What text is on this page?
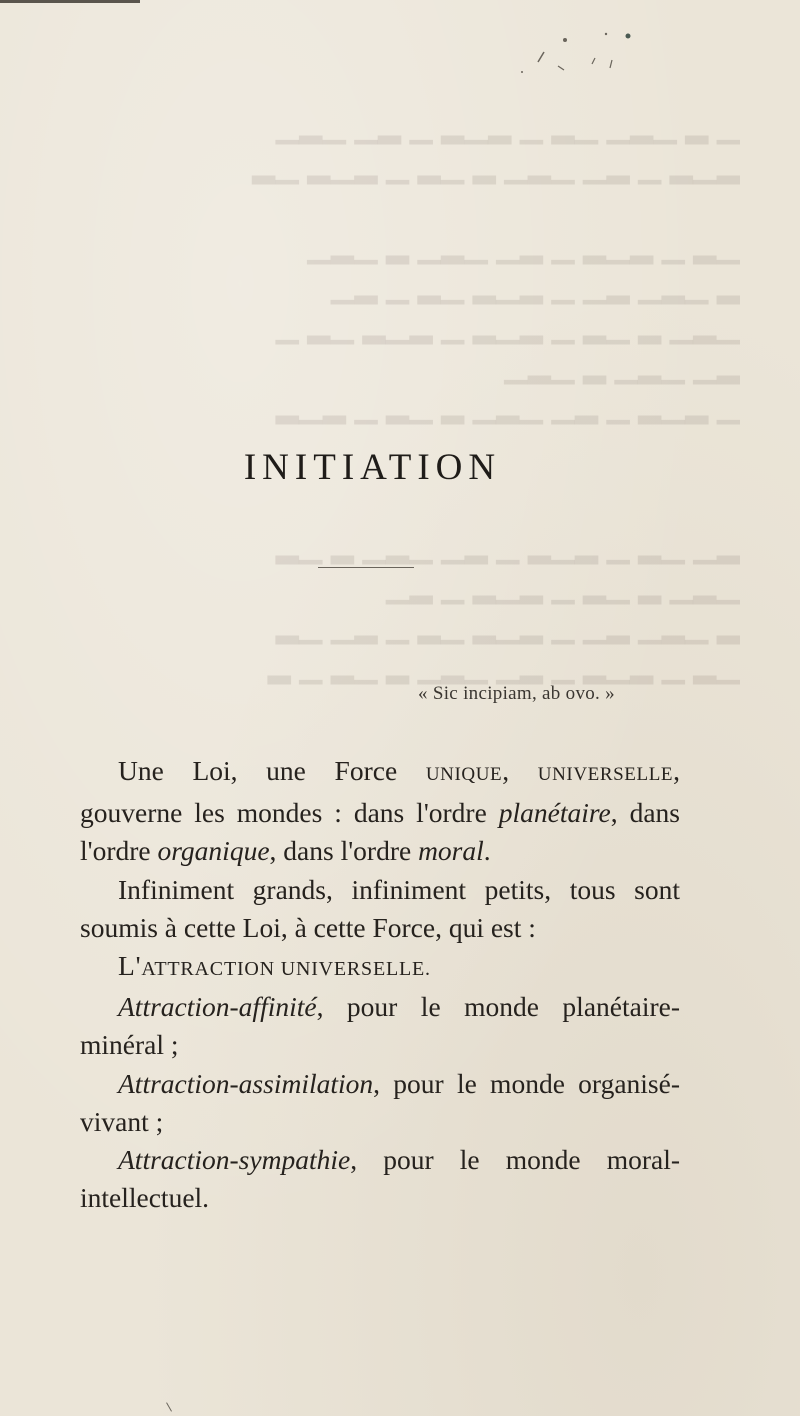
▁ ▂ ▁▂▁ ▁▂ ▁ ▂▁▂ ▁ ▂▁ ▁▂▁
▂▁▂ ▁ ▂▁ ▁▂▁ ▂ ▁▂ ▁ ▂▁▂ ▁▂
▁▂ ▁ ▂▁▂ ▁ ▂▁ ▁▂▁ ▂ ▁▂▁
▂ ▁▂▁ ▂▁ ▁ ▂▁▂ ▁▂ ▁ ▂▁
▁▂▁ ▂ ▁▂ ▁ ▂▁▂ ▁ ▂▁▂ ▁▂ ▁
▂▁ ▁▂▁ ▂ ▁▂▁
▁ ▂▁▂ ▁ ▂▁ ▁▂▁ ▂ ▁▂ ▁ ▂▁▂
▂▁ ▁▂ ▁ ▂▁▂ ▁ ▂▁ ▁▂▁ ▂ ▁▂
▁▂▁ ▂ ▁▂ ▁ ▂▁▂ ▁ ▂▁
▂ ▁▂▁ ▂▁ ▁ ▂▁▂ ▁▂ ▁ ▂▁ ▁▂
▁▂ ▁ ▂▁▂ ▁ ▂▁ ▁▂▁ ▂ ▁▂ ▁ ▂
INITIATION
« Sic incipiam, ab ovo. »

Une Loi, une Force UNIQUE, UNIVERSELLE, gouverne les mondes : dans l'ordre planétaire, dans l'ordre organique, dans l'ordre moral.

Infiniment grands, infiniment petits, tous sont soumis à cette Loi, à cette Force, qui est :

L'ATTRACTION UNIVERSELLE.

Attraction-affinité, pour le monde planétaire-minéral ;

Attraction-assimilation, pour le monde organisé-vivant ;

Attraction-sympathie, pour le monde moral-intellectuel.
